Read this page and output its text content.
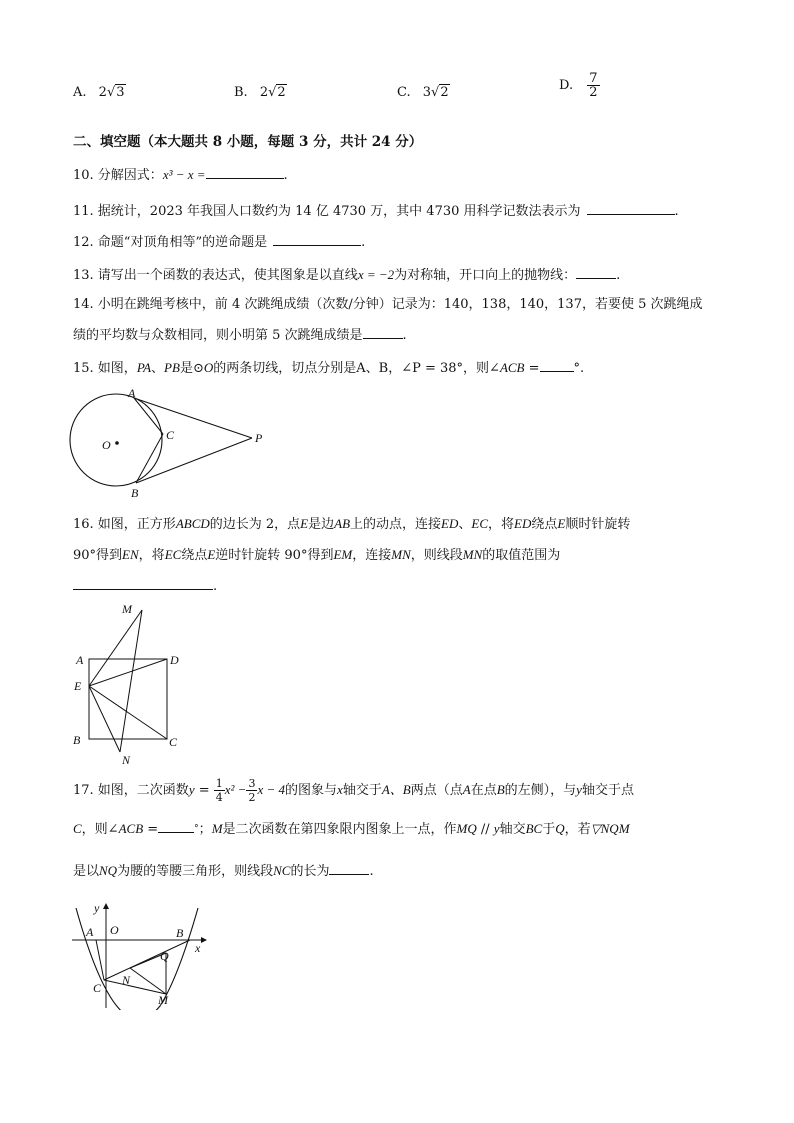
A. 2√3	B. 2√2	C. 3√2	D. $\frac{7}{2}$
二、填空题（本大题共 8 小题，每题 3 分，共计 24 分）
10. 分解因式：x³ − x =	.
11. 据统计，2023 年我国人口数约为 14 亿 4730 万，其中 4730 用科学记数法表示为	.
12. 命题“对顶角相等”的逆命题是	.
13. 请写出一个函数的表达式，使其图象是以直线x = −2为对称轴，开口向上的抛物线：	.
14. 小明在跳绳考核中，前 4 次跳绳成绩（次数/分钟）记录为：140，138，140，137，若要使 5 次跳绳成
绩的平均数与众数相同，则小明第 5 次跳绳成绩是	.
15. 如图，PA、PB是⊙O的两条切线，切点分别是A、B，∠P = 38°，则∠ACB =	°.
A
B
C
O	P
16. 如图，正方形ABCD的边长为 2，点E是边AB上的动点，连接ED、EC，将ED绕点E顺时针旋转
90°得到EN，将EC绕点E逆时针旋转 90°得到EM，连接MN，则线段MN的取值范围为
.
M
A	D
E
B	C
N
17. 如图，二次函数$y = \frac{1}{4} x^2 - \frac{3}{2}$ x − 4的图象与x轴交于A、B两点（点A在点B的左侧），与y轴交于点
C，则∠ACB =	°；M是二次函数在第四象限内图象上一点，作MQ // y轴交BC于Q，若▽NQM
是以NQ为腰的等腰三角形，则线段NC的长为	.
y
x
A O	B
Q
N
C
M
